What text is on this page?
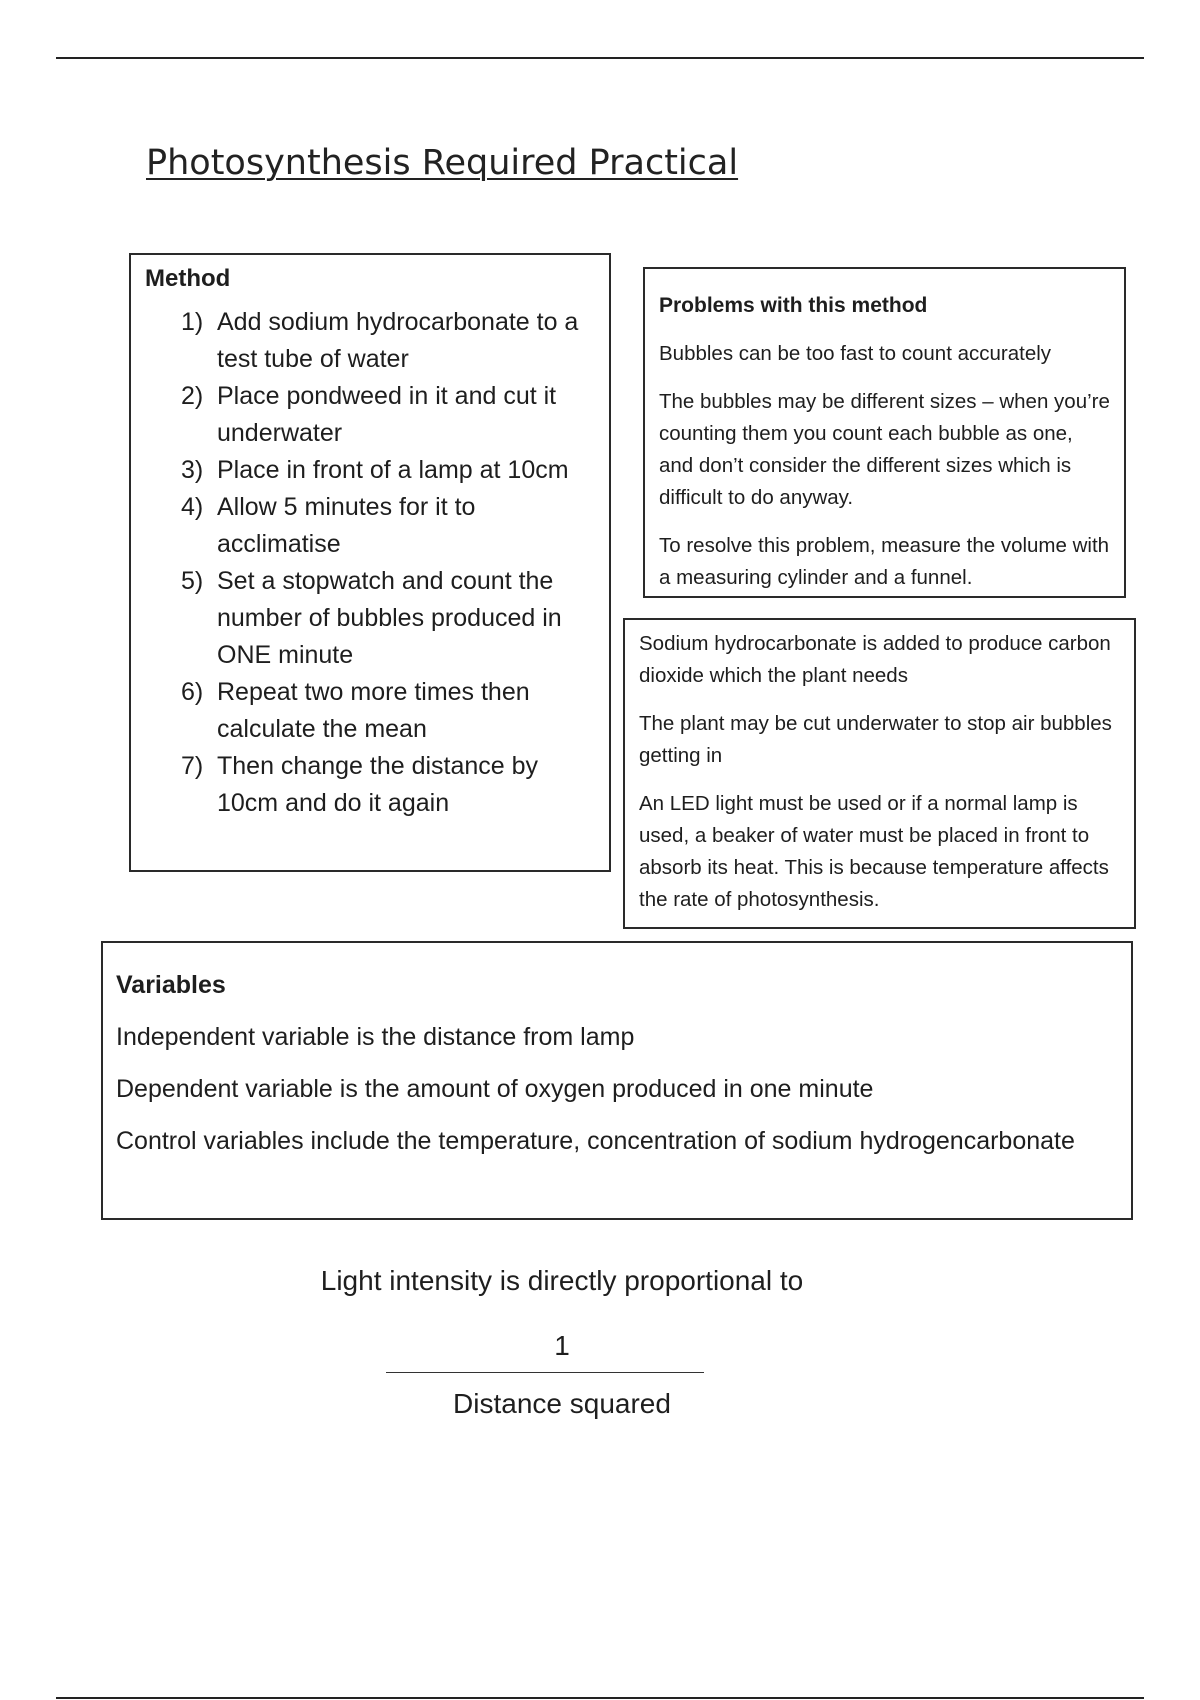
Photosynthesis Required Practical

Method

1) Add sodium hydrocarbonate to a test tube of water
2) Place pondweed in it and cut it underwater
3) Place in front of a lamp at 10cm
4) Allow 5 minutes for it to acclimatise
5) Set a stopwatch and count the number of bubbles produced in ONE minute
6) Repeat two more times then calculate the mean
7) Then change the distance by 10cm and do it again

Problems with this method

Bubbles can be too fast to count accurately

The bubbles may be different sizes – when you’re counting them you count each bubble as one, and don’t consider the different sizes which is difficult to do anyway.

To resolve this problem, measure the volume with a measuring cylinder and a funnel.

Sodium hydrocarbonate is added to produce carbon dioxide which the plant needs

The plant may be cut underwater to stop air bubbles getting in

An LED light must be used or if a normal lamp is used, a beaker of water must be placed in front to absorb its heat. This is because temperature affects the rate of photosynthesis.

Variables

Independent variable is the distance from lamp

Dependent variable is the amount of oxygen produced in one minute

Control variables include the temperature, concentration of sodium hydrogencarbonate

Light intensity is directly proportional to
1
Distance squared
